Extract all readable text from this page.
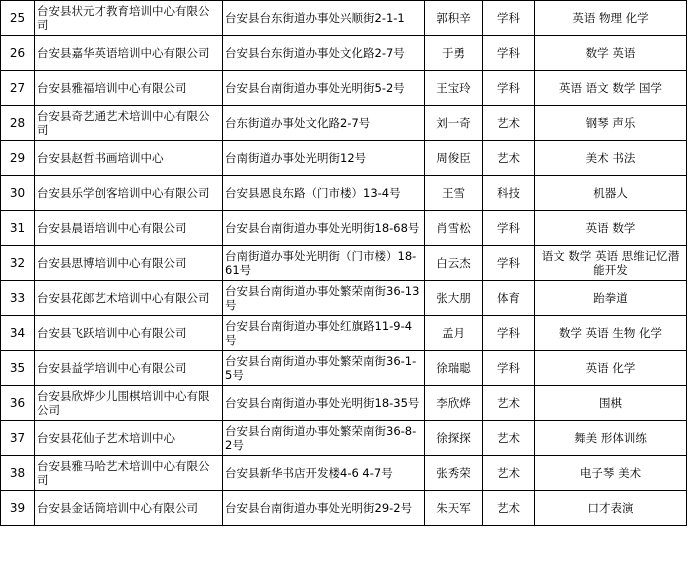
25	台安县状元才教育培训中心有限公司	台安县台东街道办事处兴顺街2-1-1	郭积辛	学科	英语 物理 化学
26	台安县嘉华英语培训中心有限公司	台安县台东街道办事处文化路2-7号	于勇	学科	数学 英语
27	台安县雅福培训中心有限公司	台安县台南街道办事处光明街5-2号	王宝玲	学科	英语 语文 数学 国学
28	台安县奇艺通艺术培训中心有限公司	台东街道办事处文化路2-7号	刘一奇	艺术	钢琴 声乐
29	台安县赵哲书画培训中心	台南街道办事处光明街12号	周俊臣	艺术	美术 书法
30	台安县乐学创客培训中心有限公司	台安县恩良东路（门市楼）13-4号	王雪	科技	机器人
31	台安县晨语培训中心有限公司	台安县台南街道办事处光明街18-68号	肖雪松	学科	英语 数学
32	台安县思博培训中心有限公司	台南街道办事处光明街（门市楼）18-61号	白云杰	学科	语文 数学 英语 思维记忆潜能开发
33	台安县花郎艺术培训中心有限公司	台安县台南街道办事处繁荣南街36-13号	张大朋	体育	跆拳道
34	台安县飞跃培训中心有限公司	台安县台南街道办事处红旗路11-9-4号	孟月	学科	数学 英语 生物 化学
35	台安县益学培训中心有限公司	台安县台南街道办事处繁荣南街36-1-5号	徐瑞聪	学科	英语 化学
36	台安县欣烨少儿围棋培训中心有限公司	台安县台南街道办事处光明街18-35号	李欣烨	艺术	围棋
37	台安县花仙子艺术培训中心	台安县台南街道办事处繁荣南街36-8-2号	徐探探	艺术	舞美 形体训练
38	台安县雅马哈艺术培训中心有限公司	台安县新华书店开发楼4-6 4-7号	张秀荣	艺术	电子琴 美术
39	台安县金话筒培训中心有限公司	台安县台南街道办事处光明街29-2号	朱天军	艺术	口才表演
